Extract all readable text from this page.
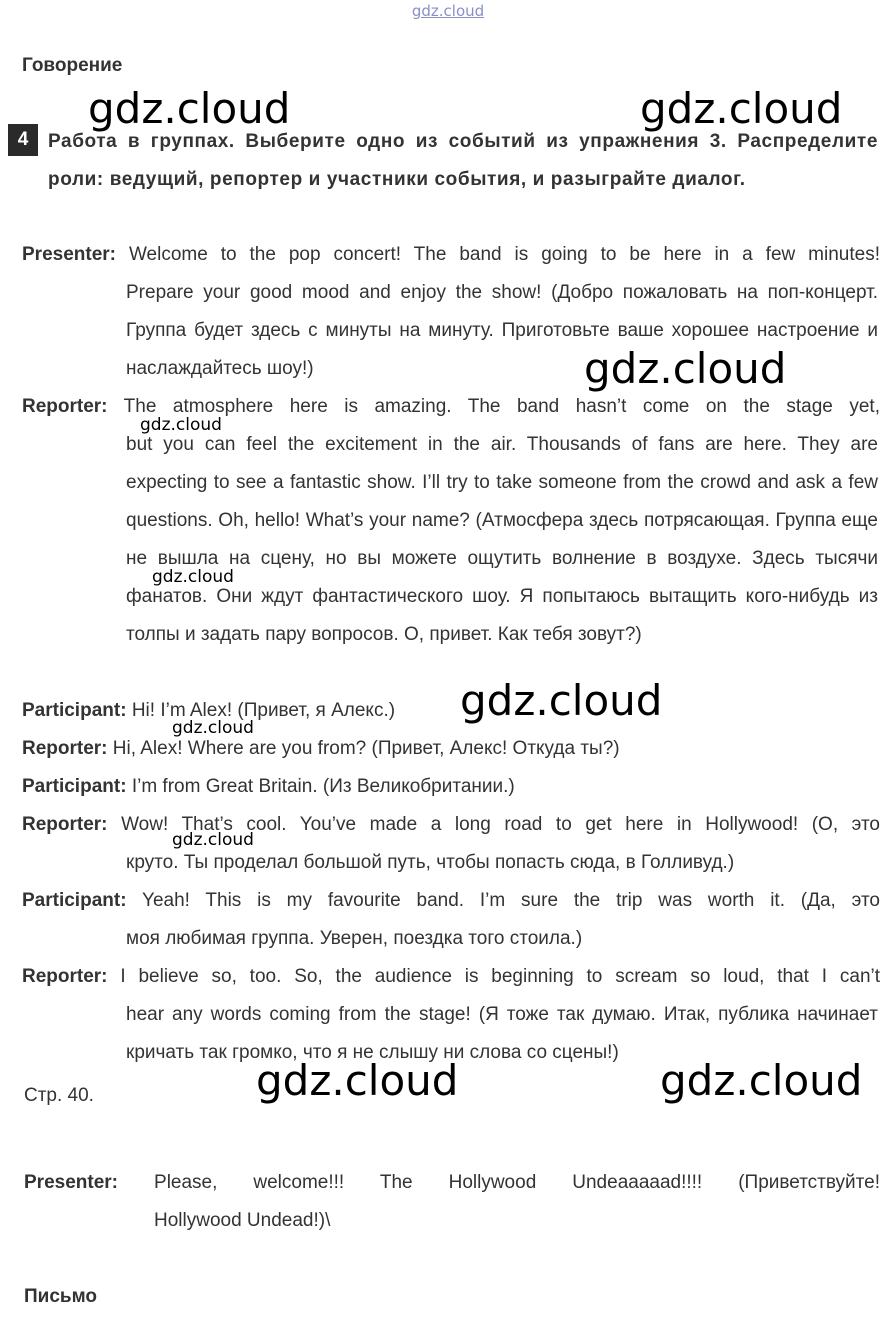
gdz.cloud
Говорение
4	Работа в группах. Выберите одно из событий из упражнения 3. Распределите роли: ведущий, репортер и участники события, и разыграйте диалог.
Presenter: Welcome to the pop concert! The band is going to be here in a few minutes!
Prepare your good mood and enjoy the show! (Добро пожаловать на поп-концерт. Группа будет здесь с минуты на минуту. Приготовьте ваше хорошее настроение и наслаждайтесь шоу!)
Reporter: The atmosphere here is amazing. The band hasn’t come on the stage yet,
but you can feel the excitement in the air. Thousands of fans are here. They are expecting to see a fantastic show. I’ll try to take someone from the crowd and ask a few questions. Oh, hello! What’s your name? (Атмосфера здесь потрясающая. Группа еще не вышла на сцену, но вы можете ощутить волнение в воздухе. Здесь тысячи фанатов. Они ждут фантастического шоу. Я попытаюсь вытащить кого-нибудь из толпы и задать пару вопросов. О, привет. Как тебя зовут?)
Participant: Hi! I’m Alex! (Привет, я Алекс.)
Reporter: Hi, Alex! Where are you from? (Привет, Алекс! Откуда ты?)
Participant: I’m from Great Britain. (Из Великобритании.)
Reporter: Wow! That’s cool. You’ve made a long road to get here in Hollywood! (О, это
круто. Ты проделал большой путь, чтобы попасть сюда, в Голливуд.)
Participant: Yeah! This is my favourite band. I’m sure the trip was worth it. (Да, это
моя любимая группа. Уверен, поездка того стоила.)
Reporter: I believe so, too. So, the audience is beginning to scream so loud, that I can’t
hear any words coming from the stage! (Я тоже так думаю. Итак, публика начинает кричать так громко, что я не слышу ни слова со сцены!)
Стр. 40.
Presenter: Please, welcome!!! The Hollywood Undeaaaaad!!!! (Приветствуйте!
Hollywood Undead!)\
Письмо
gdz.cloud	gdz.cloud
gdz.cloud
gdz.cloud
gdz.cloud
gdz.cloud
gdz.cloud
gdz.cloud
gdz.cloud	gdz.cloud
